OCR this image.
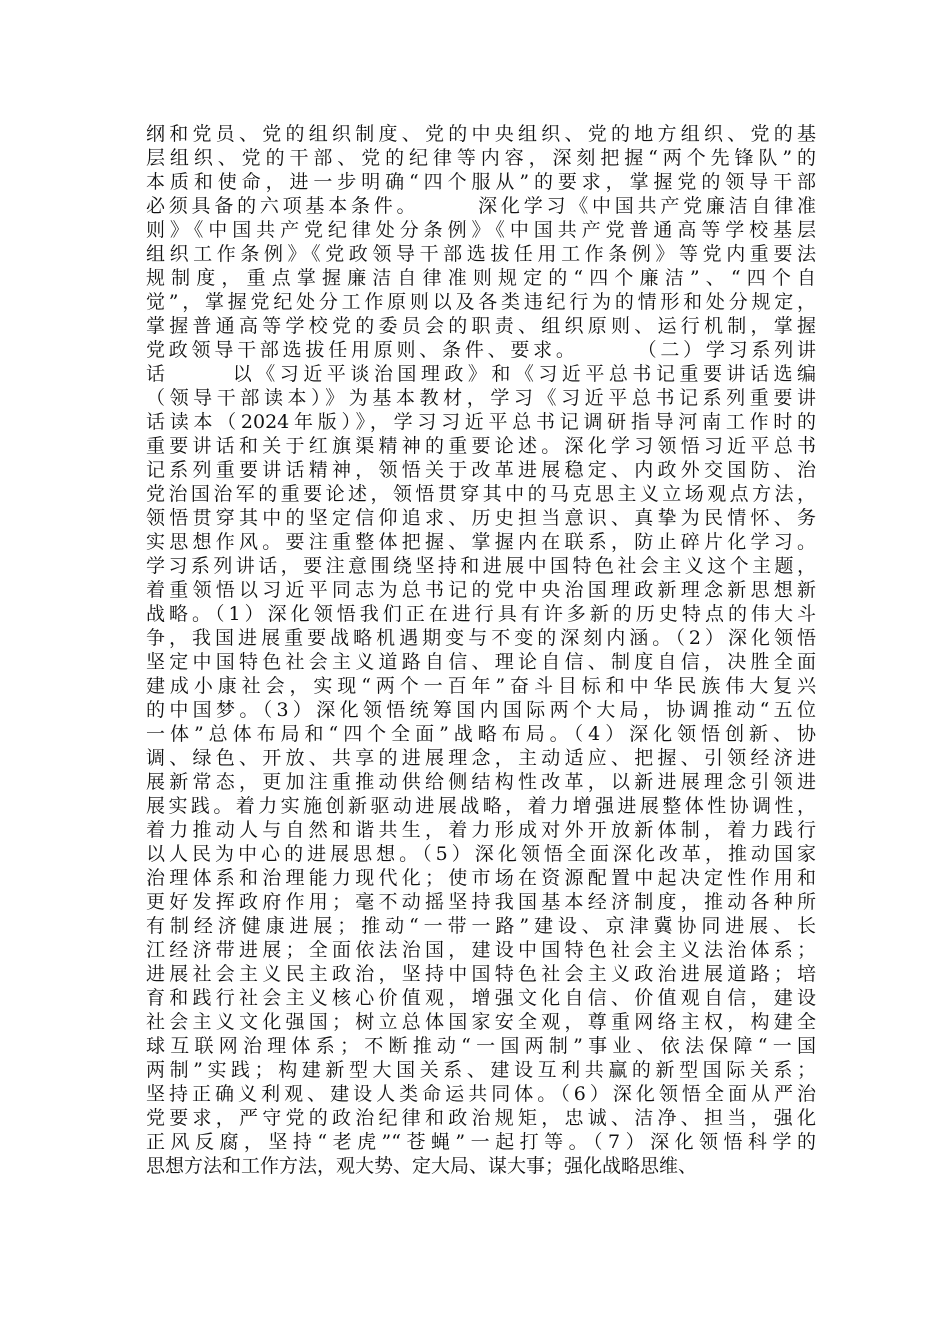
纲和党员、党的组织制度、党的中央组织、党的地方组织、党的基
层组织、党的干部、党的纪律等内容，深刻把握“两个先锋队”的
本质和使命，进一步明确“四个服从”的要求，掌握党的领导干部
必须具备的六项基本条件。      深化学习《中国共产党廉洁自律准
则》《中国共产党纪律处分条例》《中国共产党普通高等学校基层
组织工作条例》《党政领导干部选拔任用工作条例》等党内重要法
规制度，重点掌握廉洁自律准则规定的“四个廉洁”、“四个自
觉”，掌握党纪处分工作原则以及各类违纪行为的情形和处分规定，
掌握普通高等学校党的委员会的职责、组织原则、运行机制，掌握
党政领导干部选拔任用原则、条件、要求。      （二）学习系列讲
话      以《习近平谈治国理政》和《习近平总书记重要讲话选编
（领导干部读本）》为基本教材，学习《习近平总书记系列重要讲
话读本（2024年版）》，学习习近平总书记调研指导河南工作时的
重要讲话和关于红旗渠精神的重要论述。深化学习领悟习近平总书
记系列重要讲话精神，领悟关于改革进展稳定、内政外交国防、治
党治国治军的重要论述，领悟贯穿其中的马克思主义立场观点方法，
领悟贯穿其中的坚定信仰追求、历史担当意识、真挚为民情怀、务
实思想作风。要注重整体把握、掌握内在联系，防止碎片化学习。
学习系列讲话，要注意围绕坚持和进展中国特色社会主义这个主题，
着重领悟以习近平同志为总书记的党中央治国理政新理念新思想新
战略。（1）深化领悟我们正在进行具有许多新的历史特点的伟大斗
争，我国进展重要战略机遇期变与不变的深刻内涵。（2）深化领悟
坚定中国特色社会主义道路自信、理论自信、制度自信，决胜全面
建成小康社会，实现“两个一百年”奋斗目标和中华民族伟大复兴
的中国梦。（3）深化领悟统筹国内国际两个大局，协调推动“五位
一体”总体布局和“四个全面”战略布局。（4）深化领悟创新、协
调、绿色、开放、共享的进展理念，主动适应、把握、引领经济进
展新常态，更加注重推动供给侧结构性改革，以新进展理念引领进
展实践。着力实施创新驱动进展战略，着力增强进展整体性协调性，
着力推动人与自然和谐共生，着力形成对外开放新体制，着力践行
以人民为中心的进展思想。（5）深化领悟全面深化改革，推动国家
治理体系和治理能力现代化；使市场在资源配置中起决定性作用和
更好发挥政府作用；毫不动摇坚持我国基本经济制度，推动各种所
有制经济健康进展；推动“一带一路”建设、京津冀协同进展、长
江经济带进展；全面依法治国，建设中国特色社会主义法治体系；
进展社会主义民主政治，坚持中国特色社会主义政治进展道路；培
育和践行社会主义核心价值观，增强文化自信、价值观自信，建设
社会主义文化强国；树立总体国家安全观，尊重网络主权，构建全
球互联网治理体系；不断推动“一国两制”事业、依法保障“一国
两制”实践；构建新型大国关系、建设互利共赢的新型国际关系；
坚持正确义利观、建设人类命运共同体。（6）深化领悟全面从严治
党要求，严守党的政治纪律和政治规矩，忠诚、洁净、担当，强化
正风反腐，坚持“老虎”“苍蝇”一起打等。（7）深化领悟科学的
思想方法和工作方法，观大势、定大局、谋大事；强化战略思维、
